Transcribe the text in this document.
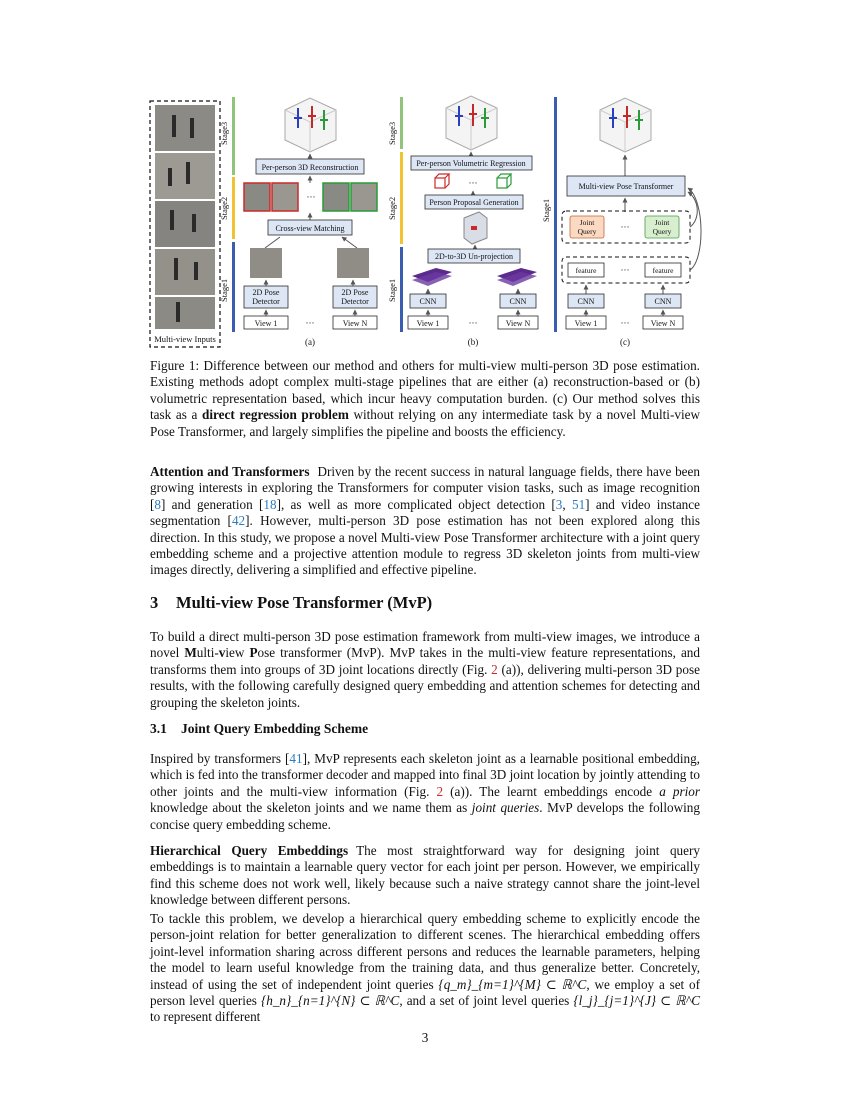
Multi-view Inputs
Stage3
Stage2
Stage1
Per-person 3D Reconstruction
···
Cross-view Matching
2D Pose
Detector
2D Pose
Detector
View 1	···	View N
(a)
Stage3
Stage2
Stage1
Per-person Volumetric Regression
···
Person Proposal Generation
2D-to-3D Un-projection
CNN	CNN
View 1	···	View N
(b)
Stage1
Multi-view Pose Transformer
Joint
Query	···	Joint
Query
feature	···	feature
CNN	CNN
View 1	···	View N
(c)

Figure 1: Difference between our method and others for multi-view multi-person 3D pose estimation. Existing methods adopt complex multi-stage pipelines that are either (a) reconstruction-based or (b) volumetric representation based, which incur heavy computation burden. (c) Our method solves this task as a direct regression problem without relying on any intermediate task by a novel Multi-view Pose Transformer, and largely simplifies the pipeline and boosts the efficiency.

Attention and Transformers Driven by the recent success in natural language fields, there have been growing interests in exploring the Transformers for computer vision tasks, such as image recognition [8] and generation [18], as well as more complicated object detection [3, 51] and video instance segmentation [42]. However, multi-person 3D pose estimation has not been explored along this direction. In this study, we propose a novel Multi-view Pose Transformer architecture with a joint query embedding scheme and a projective attention module to regress 3D skeleton joints from multi-view images directly, delivering a simplified and effective pipeline.

3 Multi-view Pose Transformer (MvP)

To build a direct multi-person 3D pose estimation framework from multi-view images, we introduce a novel Multi-view Pose transformer (MvP). MvP takes in the multi-view feature representations, and transforms them into groups of 3D joint locations directly (Fig. 2 (a)), delivering multi-person 3D pose results, with the following carefully designed query embedding and attention schemes for detecting and grouping the skeleton joints.

3.1 Joint Query Embedding Scheme

Inspired by transformers [41], MvP represents each skeleton joint as a learnable positional embedding, which is fed into the transformer decoder and mapped into final 3D joint location by jointly attending to other joints and the multi-view information (Fig. 2 (a)). The learnt embeddings encode a prior knowledge about the skeleton joints and we name them as joint queries. MvP develops the following concise query embedding scheme.

Hierarchical Query Embeddings The most straightforward way for designing joint query embeddings is to maintain a learnable query vector for each joint per person. However, we empirically find this scheme does not work well, likely because such a naive strategy cannot share the joint-level knowledge between different persons.

To tackle this problem, we develop a hierarchical query embedding scheme to explicitly encode the person-joint relation for better generalization to different scenes. The hierarchical embedding offers joint-level information sharing across different persons and reduces the learnable parameters, helping the model to learn useful knowledge from the training data, and thus generalize better. Concretely, instead of using the set of independent joint queries {q_m}_{m=1}^{M} ⊂ ℝ^C, we employ a set of person level queries {h_n}_{n=1}^{N} ⊂ ℝ^C, and a set of joint level queries {l_j}_{j=1}^{J} ⊂ ℝ^C to represent different

3
